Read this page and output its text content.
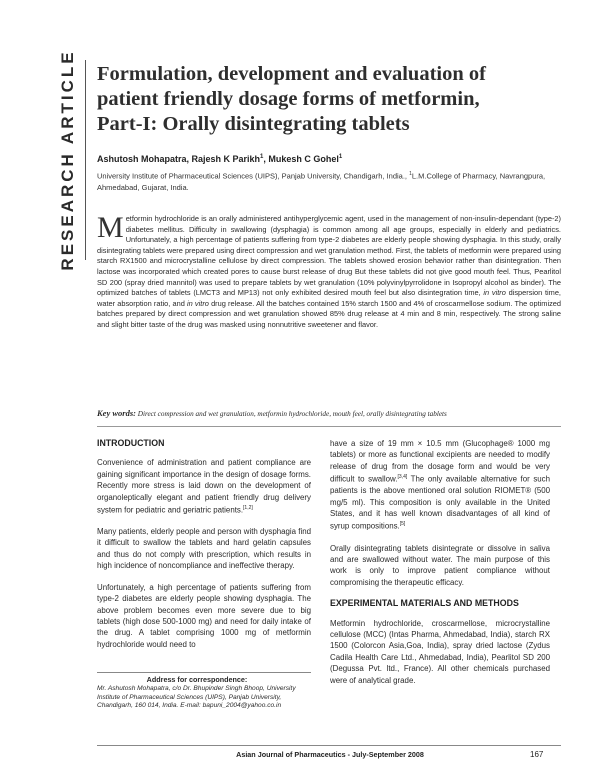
RESEARCH ARTICLE Formulation, development and evaluation of
patient friendly dosage forms of metformin,
Part-I: Orally disintegrating tablets
Ashutosh Mohapatra, Rajesh K Parikh$^1$, Mukesh C Gohel$^1$
University Institute of Pharmaceutical Sciences (UIPS), Panjab University, Chandigarh, India., $^1$L.M.College of Pharmacy, Navrangpura, Ahmedabad, Gujarat, India.
Metformin hydrochloride is an orally administered antihyperglycemic agent, used in the management of non-insulin-dependant (type-2) diabetes mellitus. Difficulty in swallowing (dysphagia) is common among all age groups, especially in elderly and pediatrics. Unfortunately, a high percentage of patients suffering from type-2 diabetes are elderly people showing dysphagia. In this study, orally disintegrating tablets were prepared using direct compression and wet granulation method. First, the tablets of metformin were prepared using starch RX1500 and microcrystalline cellulose by direct compression. The tablets showed erosion behavior rather than disintegration. Then lactose was incorporated which created pores to cause burst release of drug But these tablets did not give good mouth feel. Thus, Pearlitol SD 200 (spray dried mannitol) was used to prepare tablets by wet granulation (10% polyvinylpyrrolidone in Isopropyl alcohol as binder). The optimized batches of tablets (LMCT3 and MP13) not only exhibited desired mouth feel but also disintegration time, in vitro dispersion time, water absorption ratio, and in vitro drug release. All the batches contained 15% starch 1500 and 4% of croscarmellose sodium. The optimized batches prepared by direct compression and wet granulation showed 85% drug release at 4 min and 8 min, respectively. The strong saline and slight bitter taste of the drug was masked using nonnutritive sweetener and flavor.
Key words: Direct compression and wet granulation, metformin hydrochloride, mouth feel, orally disintegrating tablets
INTRODUCTION

Convenience of administration and patient compliance are gaining significant importance in the design of dosage forms. Recently more stress is laid down on the development of organoleptically elegant and patient friendly drug delivery system for pediatric and geriatric patients.[1,2]

Many patients, elderly people and person with dysphagia find it difficult to swallow the tablets and hard gelatin capsules and thus do not comply with prescription, which results in high incidence of noncompliance and ineffective therapy.

Unfortunately, a high percentage of patients suffering from type-2 diabetes are elderly people showing dysphagia. The above problem becomes even more severe due to big tablets (high dose 500-1000 mg) and need for daily intake of the drug. A tablet comprising 1000 mg of metformin hydrochloride would need to

Address for correspondence:
Mr. Ashutosh Mohapatra, c/o Dr. Bhupinder Singh Bhoop, University Institute of Pharmaceutical Sciences (UIPS), Panjab University, Chandigarh, 160 014, India. E-mail: bapuni_2004@yahoo.co.in

have a size of 19 mm × 10.5 mm (Glucophage® 1000 mg tablets) or more as functional excipients are needed to modify release of drug from the dosage form and would be very difficult to swallow.[3,4] The only available alternative for such patients is the above mentioned oral solution RIOMET® (500 mg/5 ml). This composition is only available in the United States, and it has well known disadvantages of all kind of syrup compositions.[5]

Orally disintegrating tablets disintegrate or dissolve in saliva and are swallowed without water. The main purpose of this work is only to improve patient compliance without compromising the therapeutic efficacy.

EXPERIMENTAL MATERIALS AND METHODS

Metformin hydrochloride, croscarmellose, microcrystalline cellulose (MCC) (Intas Pharma, Ahmedabad, India), starch RX 1500 (Colorcon Asia,Goa, India), spray dried lactose (Zydus Cadila Health Care Ltd., Ahmedabad, India), Pearlitol SD 200 (Degussa Pvt. ltd., France). All other chemicals purchased were of analytical grade.

Asian Journal of Pharmaceutics - July-September 2008	167
